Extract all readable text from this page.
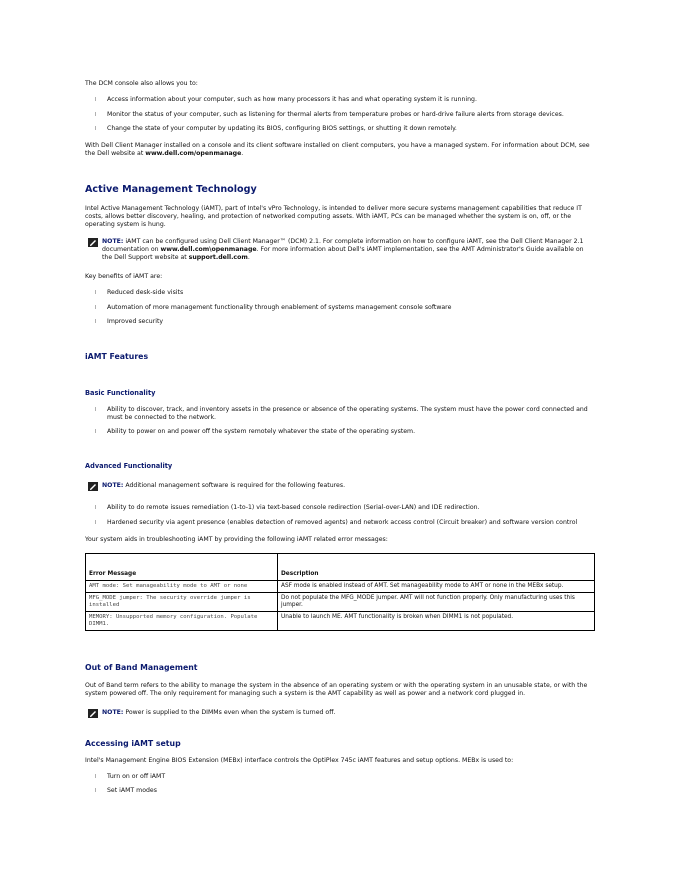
The DCM console also allows you to:

l	Access information about your computer, such as how many processors it has and what operating system it is running.
l	Monitor the status of your computer, such as listening for thermal alerts from temperature probes or hard-drive failure alerts from storage devices.
l	Change the state of your computer by updating its BIOS, configuring BIOS settings, or shutting it down remotely.

With Dell Client Manager installed on a console and its client software installed on client computers, you have a managed system. For information about DCM, see the Dell website at www.dell.com/openmanage.

Active Management Technology

Intel Active Management Technology (iAMT), part of Intel's vPro Technology, is intended to deliver more secure systems management capabilities that reduce IT costs, allows better discovery, healing, and protection of networked computing assets. With iAMT, PCs can be managed whether the system is on, off, or the operating system is hung.

NOTE: iAMT can be configured using Dell Client Manager™ (DCM) 2.1. For complete information on how to configure iAMT, see the Dell Client Manager 2.1 documentation on www.dell.com\openmanage. For more information about Dell's iAMT implementation, see the AMT Administrator's Guide available on the Dell Support website at support.dell.com.

Key benefits of iAMT are:

l	Reduced desk-side visits
l	Automation of more management functionality through enablement of systems management console software
l	Improved security
iAMT Features
Basic Functionality
l	Ability to discover, track, and inventory assets in the presence or absence of the operating systems. The system must have the power cord connected and must be connected to the network.
l	Ability to power on and power off the system remotely whatever the state of the operating system.
Advanced Functionality
NOTE: Additional management software is required for the following features.
l	Ability to do remote issues remediation (1-to-1) via text-based console redirection (Serial-over-LAN) and IDE redirection.
l	Hardened security via agent presence (enables detection of removed agents) and network access control (Circuit breaker) and software version control

Your system aids in troubleshooting iAMT by providing the following iAMT related error messages:

Error Message	Description
AMT mode: Set manageability mode to AMT or none	ASF mode is enabled instead of AMT. Set manageability mode to AMT or none in the MEBx setup.
MFG_MODE jumper: The security override jumper is installed	Do not populate the MFG_MODE jumper. AMT will not function properly. Only manufacturing uses this jumper.
MEMORY: Unsupported memory configuration. Populate DIMM1.	Unable to launch ME. AMT functionality is broken when DIMM1 is not populated.
Out of Band Management

Out of Band term refers to the ability to manage the system in the absence of an operating system or with the operating system in an unusable state, or with the system powered off. The only requirement for managing such a system is the AMT capability as well as power and a network cord plugged in.

NOTE: Power is supplied to the DIMMs even when the system is turned off.
Accessing iAMT setup

Intel's Management Engine BIOS Extension (MEBx) interface controls the OptiPlex 745c iAMT features and setup options. MEBx is used to:

l	Turn on or off iAMT
l	Set iAMT modes
